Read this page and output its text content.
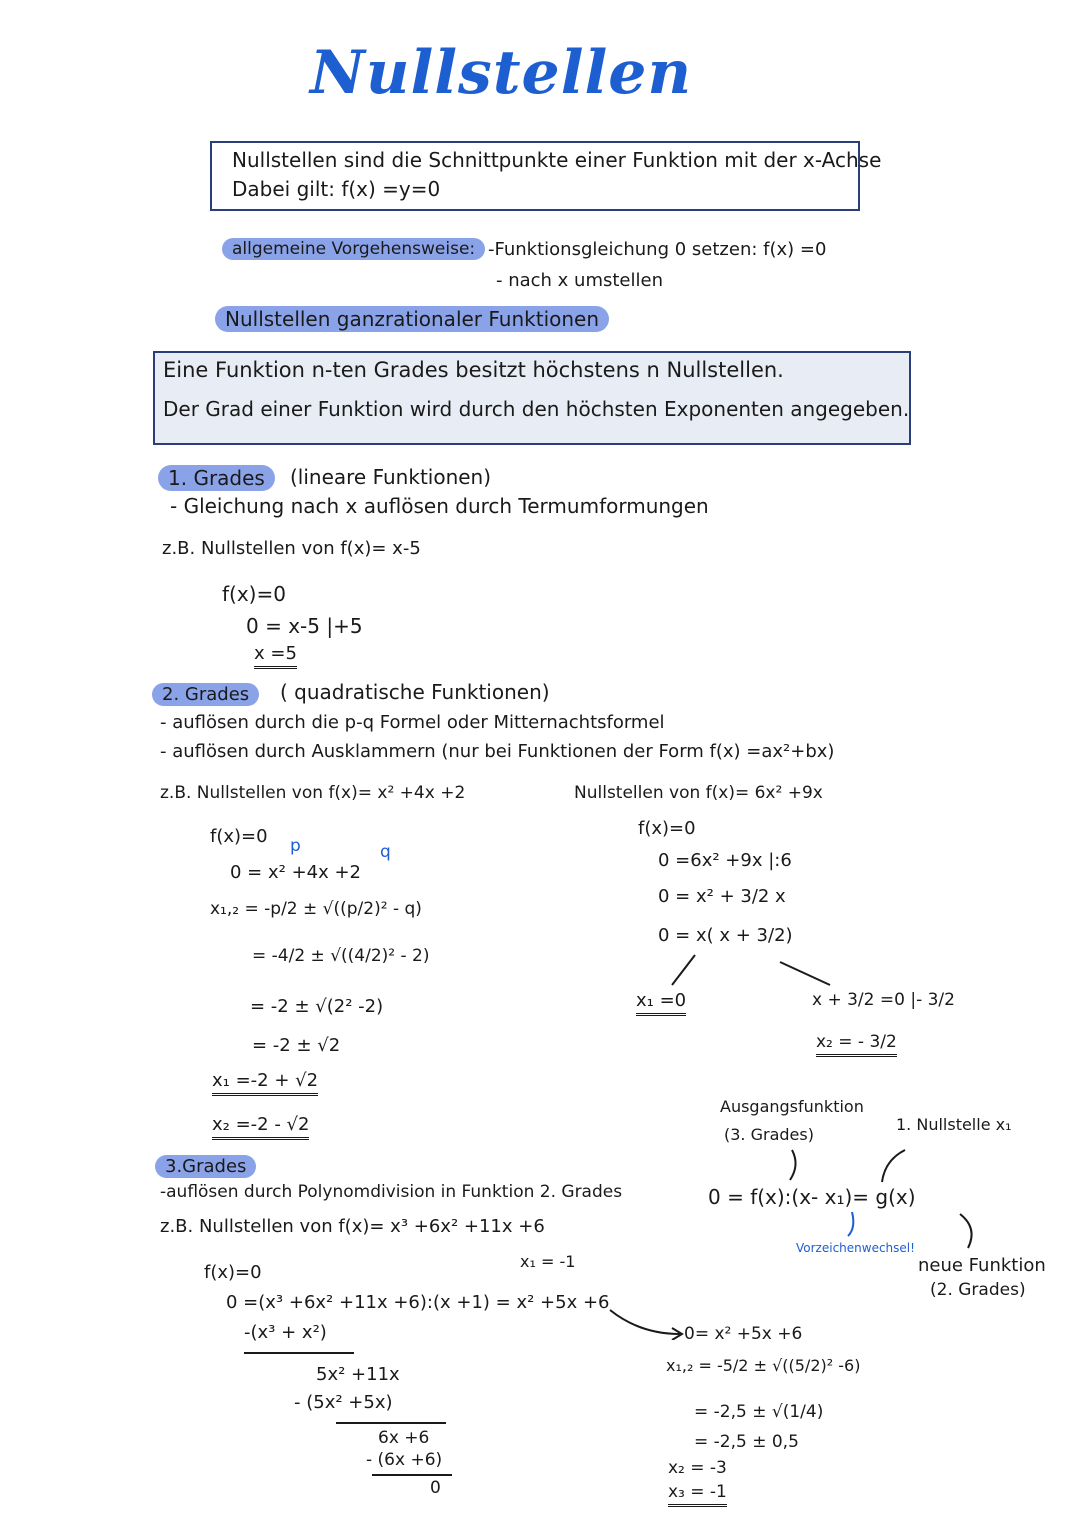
Nullstellen
Nullstellen sind die Schnittpunkte einer Funktion mit der x-Achse
Dabei gilt: f(x) =y=0
allgemeine Vorgehensweise: -Funktionsgleichung 0 setzen: f(x) =0
- nach x umstellen
Nullstellen ganzrationaler Funktionen
Eine Funktion n-ten Grades besitzt höchstens n Nullstellen.
Der Grad einer Funktion wird durch den höchsten Exponenten angegeben.
1. Grades	(lineare Funktionen)
- Gleichung nach x auflösen durch Termumformungen
z.B. Nullstellen von f(x)= x-5
f(x)=0
0 = x-5 |+5
x =5
2. Grades	( quadratische Funktionen)
- auflösen durch die p-q Formel oder Mitternachtsformel
- auflösen durch Ausklammern (nur bei Funktionen der Form f(x) =ax²+bx)
z.B. Nullstellen von f(x)= x² +4x +2	Nullstellen von f(x)= 6x² +9x
f(x)=0 p	q
0 = x² +4x +2
x₁,₂ = -p/2 ± √((p/2)² - q)
= -4/2 ± √((4/2)² - 2)
= -2 ± √(2² -2)
= -2 ± √2
x₁ =-2 + √2
x₂ =-2 - √2
f(x)=0
0 =6x² +9x |:6
0 = x² + 3/2 x
0 = x( x + 3/2)
x₁ =0	x + 3/2 =0 |- 3/2
x₂ = - 3/2
3.Grades
-auflösen durch Polynomdivision in Funktion 2. Grades
z.B. Nullstellen von f(x)= x³ +6x² +11x +6
x₁ = -1
f(x)=0
0 =(x³ +6x² +11x +6):(x +1) = x² +5x +6
-(x³ + x²)
5x² +11x
- (5x² +5x)
6x +6
- (6x +6)
0
0= x² +5x +6
x₁,₂ = -5/2 ± √((5/2)² -6)
= -2,5 ± √(1/4)
= -2,5 ± 0,5
x₂ = -3
x₃ = -1
Ausgangsfunktion
(3. Grades)
1. Nullstelle x₁
0 = f(x):(x- x₁)= g(x)
Vorzeichenwechsel!
neue Funktion
(2. Grades)
